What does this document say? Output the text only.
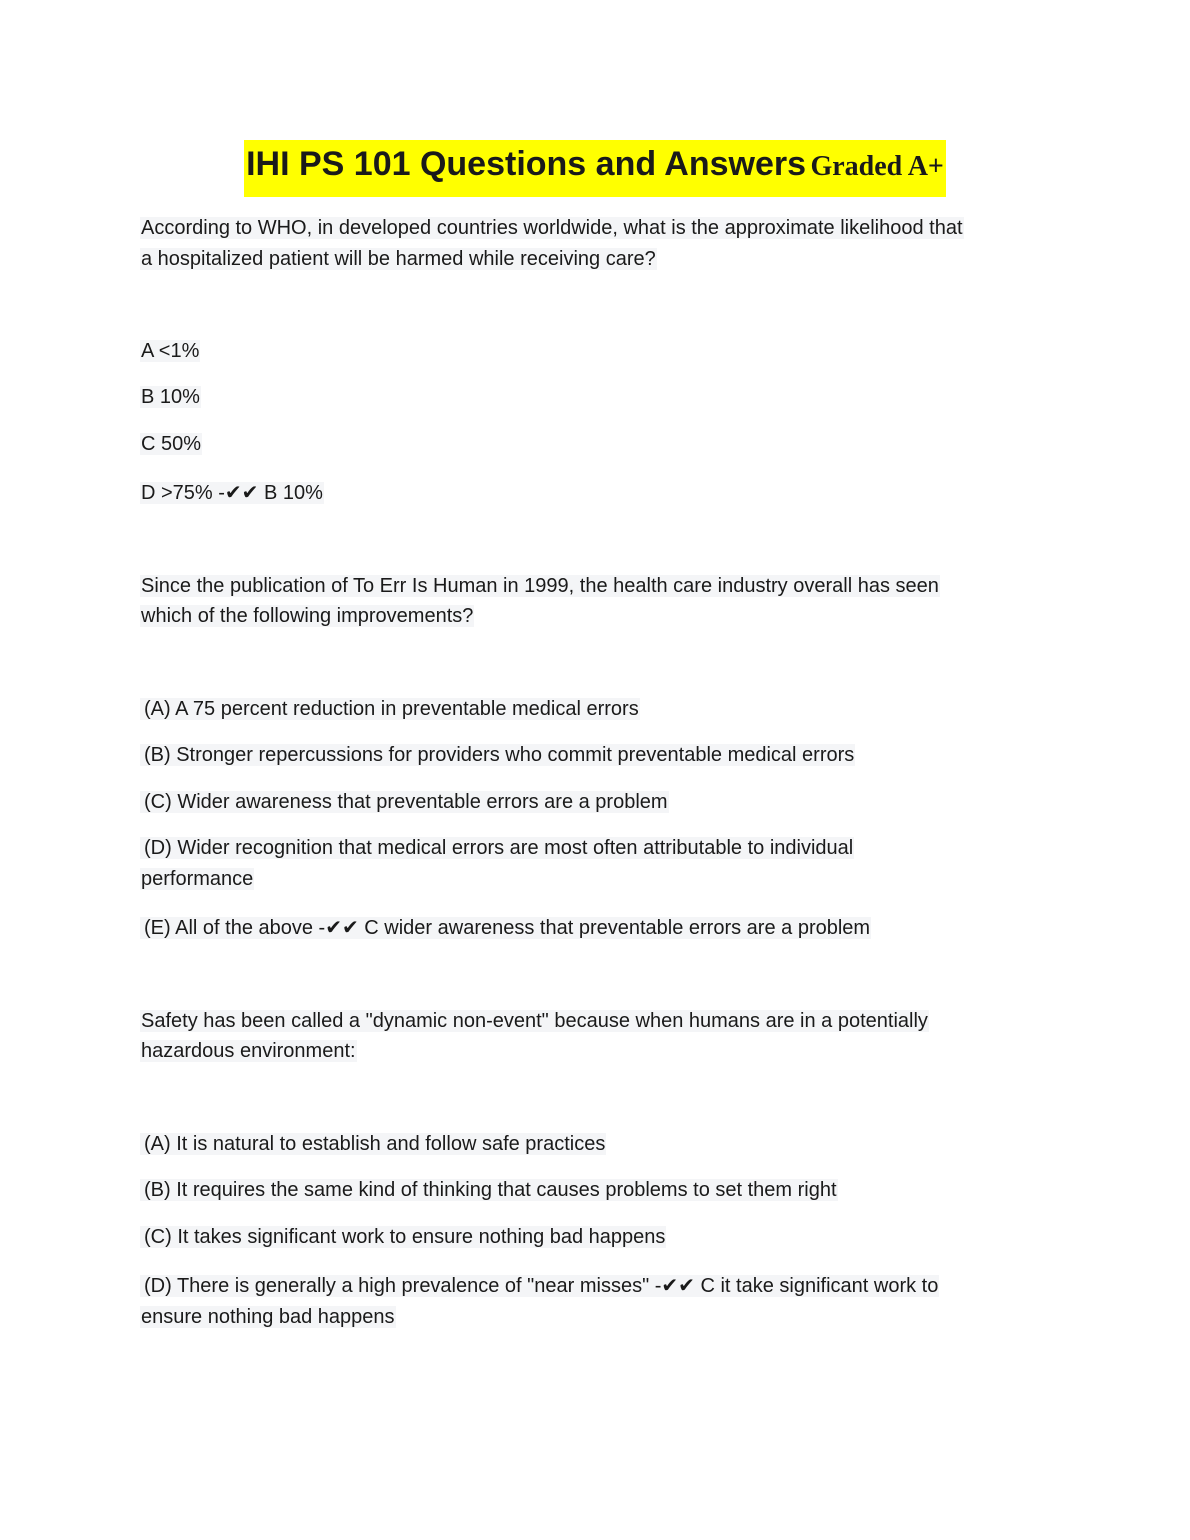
IHI PS 101 Questions and Answers Graded A+
According to WHO, in developed countries worldwide, what is the approximate likelihood that
a hospitalized patient will be harmed while receiving care?
A <1%
B 10%
C 50%
D >75% -✔✔ B 10%
Since the publication of To Err Is Human in 1999, the health care industry overall has seen
which of the following improvements?
(A) A 75 percent reduction in preventable medical errors
(B) Stronger repercussions for providers who commit preventable medical errors
(C) Wider awareness that preventable errors are a problem
(D) Wider recognition that medical errors are most often attributable to individual
performance
(E) All of the above -✔✔ C wider awareness that preventable errors are a problem
Safety has been called a "dynamic non-event" because when humans are in a potentially
hazardous environment:
(A) It is natural to establish and follow safe practices
(B) It requires the same kind of thinking that causes problems to set them right
(C) It takes significant work to ensure nothing bad happens
(D) There is generally a high prevalence of "near misses" -✔✔ C it take significant work to
ensure nothing bad happens
